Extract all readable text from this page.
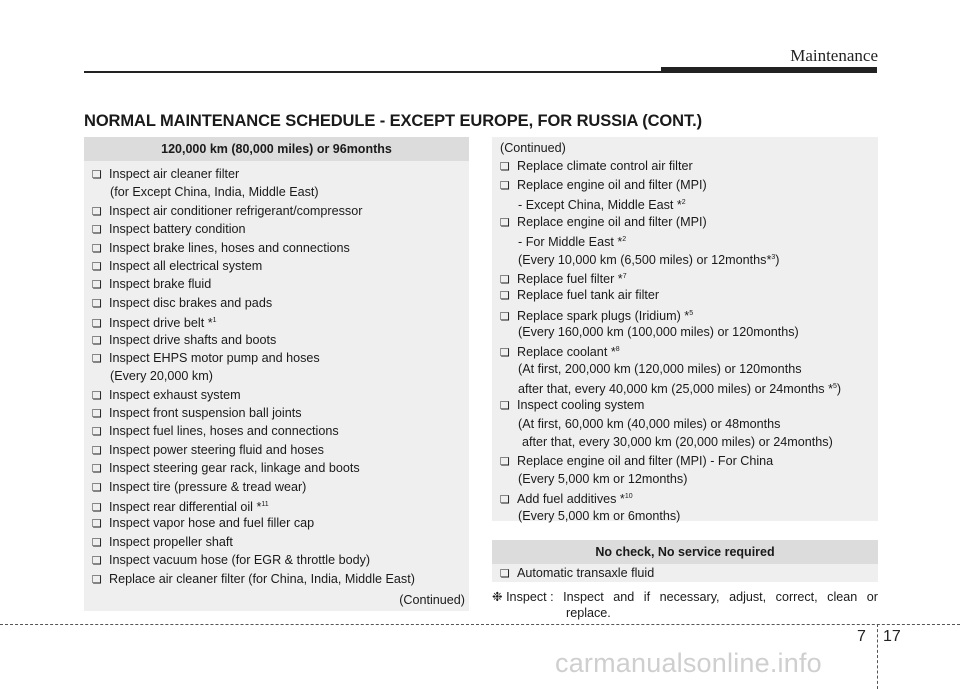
Maintenance
NORMAL MAINTENANCE SCHEDULE - EXCEPT EUROPE, FOR RUSSIA (CONT.)
120,000 km (80,000 miles) or 96months
❏ Inspect air cleaner filter
(for Except China, India, Middle East)
❏ Inspect air conditioner refrigerant/compressor
❏ Inspect battery condition
❏ Inspect brake lines, hoses and connections
❏ Inspect all electrical system
❏ Inspect brake fluid
❏ Inspect disc brakes and pads
❏ Inspect drive belt *$^1$
❏ Inspect drive shafts and boots
❏ Inspect EHPS motor pump and hoses
(Every 20,000 km)
❏ Inspect exhaust system
❏ Inspect front suspension ball joints
❏ Inspect fuel lines, hoses and connections
❏ Inspect power steering fluid and hoses
❏ Inspect steering gear rack, linkage and boots
❏ Inspect tire (pressure & tread wear)
❏ Inspect rear differential oil *$^{11}$
❏ Inspect vapor hose and fuel filler cap
❏ Inspect propeller shaft
❏ Inspect vacuum hose (for EGR & throttle body)
❏ Replace air cleaner filter (for China, India, Middle East)
(Continued)
(Continued)
❏ Replace climate control air filter
❏ Replace engine oil and filter (MPI)
- Except China, Middle East *$^2$
❏ Replace engine oil and filter (MPI)
- For Middle East *$^2$
(Every 10,000 km (6,500 miles) or 12months*$^3$)
❏ Replace fuel filter *$^7$
❏ Replace fuel tank air filter
❏ Replace spark plugs (Iridium) *$^5$
(Every 160,000 km (100,000 miles) or 120months)
❏ Replace coolant *$^8$
(At first, 200,000 km (120,000 miles) or 120months
after that, every 40,000 km (25,000 miles) or 24months *$^5$)
❏ Inspect cooling system
(At first, 60,000 km (40,000 miles) or 48months
after that, every 30,000 km (20,000 miles) or 24months)
❏ Replace engine oil and filter (MPI) - For China
(Every 5,000 km or 12months)
❏ Add fuel additives *$^{10}$
(Every 5,000 km or 6months)
No check, No service required
❏ Automatic transaxle fluid
❉ Inspect : Inspect and if necessary, adjust, correct, clean or
replace.
7 17
carmanualsonline.info
